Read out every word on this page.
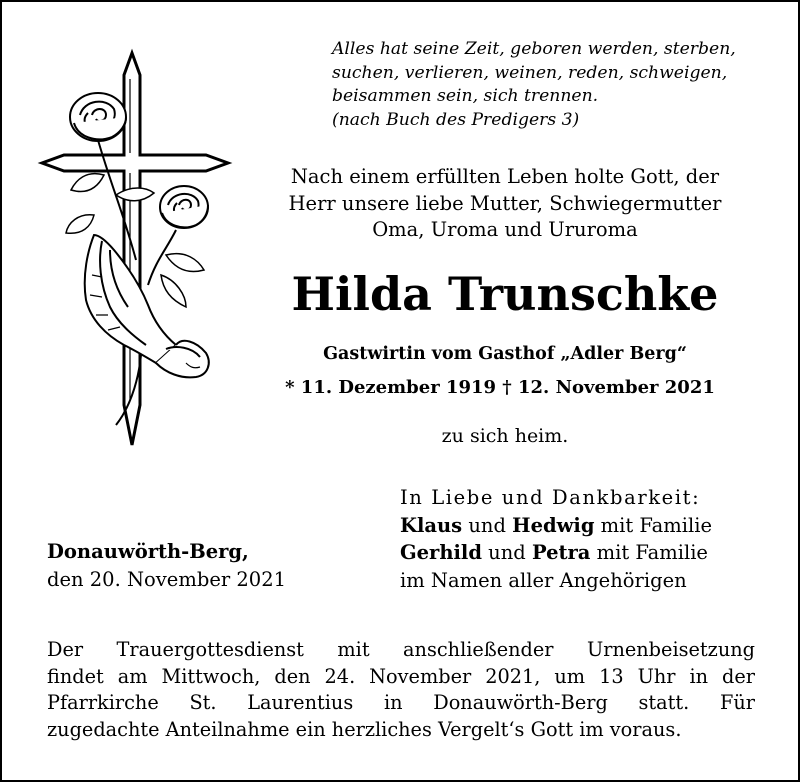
Alles hat seine Zeit, geboren werden, sterben,
suchen, verlieren, weinen, reden, schweigen,
beisammen sein, sich trennen.
(nach Buch des Predigers 3)
Nach einem erfüllten Leben holte Gott, der
Herr unsere liebe Mutter, Schwiegermutter
Oma, Uroma und Ururoma
Hilda Trunschke
Gastwirtin vom Gasthof „Adler Berg“
* 11. Dezember 1919 † 12. November 2021
zu sich heim.
In Liebe und Dankbarkeit:
Klaus und Hedwig mit Familie
Gerhild und Petra mit Familie
im Namen aller Angehörigen
Donauwörth-Berg,
den 20. November 2021
Der Trauergottesdienst mit anschließender Urnenbeisetzung
findet am Mittwoch, den 24. November 2021, um 13 Uhr in der
Pfarrkirche St. Laurentius in Donauwörth-Berg statt. Für
zugedachte Anteilnahme ein herzliches Vergelt‘s Gott im voraus.
